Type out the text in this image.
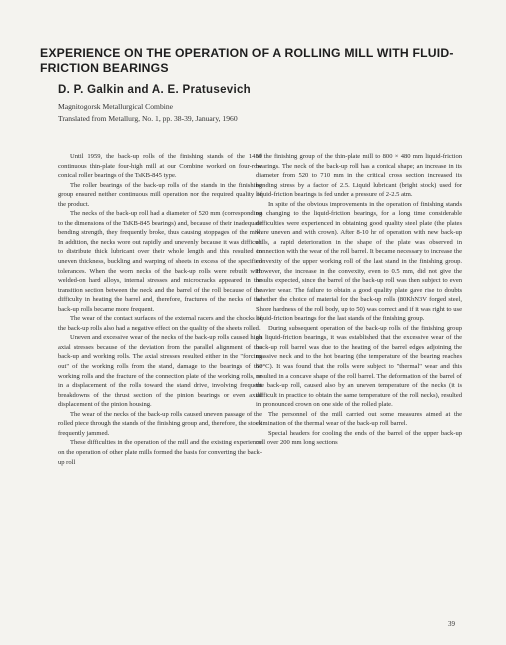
EXPERIENCE ON THE OPERATION OF A ROLLING MILL WITH FLUID-FRICTION BEARINGS
D. P. Galkin and A. E. Pratusevich
Magnitogorsk Metallurgical Combine
Translated from Metallurg, No. 1, pp. 38-39, January, 1960

Until 1959, the back-up rolls of the finishing stands of the 1450 continuous thin-plate four-high mill at our Combine worked on four-row conical roller bearings of the TsKB-845 type.

The roller bearings of the back-up rolls of the stands in the finishing group ensured neither continuous mill operation nor the required quality of the product.

The necks of the back-up roll had a diameter of 520 mm (corresponding to the dimensions of the TsKB-845 bearings) and, because of their inadequate bending strength, they frequently broke, thus causing stoppages of the mill. In addition, the necks wore out rapidly and unevenly because it was difficult to distribute thick lubricant over their whole length and this resulted in uneven thickness, buckling and warping of sheets in excess of the specified tolerances. When the worn necks of the back-up rolls were rebuilt with welded-on hard alloys, internal stresses and microcracks appeared in the transition section between the neck and the barrel of the roll because of the difficulty in heating the barrel and, therefore, fractures of the necks of the back-up rolls became more frequent.

The wear of the contact surfaces of the external racers and the chocks of the back-up rolls also had a negative effect on the quality of the sheets rolled.

Uneven and excessive wear of the necks of the back-up rolls caused high axial stresses because of the deviation from the parallel alignment of the back-up and working rolls. The axial stresses resulted either in the "forcing out" of the working rolls from the stand, damage to the bearings of the working rolls and the fracture of the connection plate of the working rolls, or in a displacement of the rolls toward the stand drive, involving frequent breakdowns of the thrust section of the pinion bearings or even axial displacement of the pinion housing.

The wear of the necks of the back-up rolls caused uneven passage of the rolled piece through the stands of the finishing group and, therefore, the stock frequently jammed.

These difficulties in the operation of the mill and the existing experience on the operation of other plate mills formed the basis for converting the back-up roll

of the finishing group of the thin-plate mill to 800 × 480 mm liquid-friction bearings. The neck of the back-up roll has a conical shape; an increase in its diameter from 520 to 710 mm in the critical cross section increased its bending stress by a factor of 2.5. Liquid lubricant (bright stock) used for liquid-friction bearings is fed under a pressure of 2-2.5 atm.

In spite of the obvious improvements in the operation of finishing stands on changing to the liquid-friction bearings, for a long time considerable difficulties were experienced in obtaining good quality steel plate (the plates were uneven and with crown). After 8-10 hr of operation with new back-up rolls, a rapid deterioration in the shape of the plate was observed in connection with the wear of the roll barrel. It became necessary to increase the convexity of the upper working roll of the last stand in the finishing group. However, the increase in the convexity, even to 0.5 mm, did not give the results expected, since the barrel of the back-up roll was then subject to even heavier wear. The failure to obtain a good quality plate gave rise to doubts whether the choice of material for the back-up rolls (80KhN3V forged steel, Shore hardness of the roll body, up to 50) was correct and if it was right to use liquid-friction bearings for the last stands of the finishing group.

During subsequent operation of the back-up rolls of the finishing group on liquid-friction bearings, it was established that the excessive wear of the back-up roll barrel was due to the heating of the barrel edges adjoining the massive neck and to the hot bearing (the temperature of the bearing reaches 60°C). It was found that the rolls were subject to "thermal" wear and this resulted in a concave shape of the roll barrel. The deformation of the barrel of the back-up roll, caused also by an uneven temperature of the necks (it is difficult in practice to obtain the same temperature of the roll necks), resulted in pronounced crown on one side of the rolled plate.

The personnel of the mill carried out some measures aimed at the elimination of the thermal wear of the back-up roll barrel.

Special headers for cooling the ends of the barrel of the upper back-up roll over 200 mm long sections

39
